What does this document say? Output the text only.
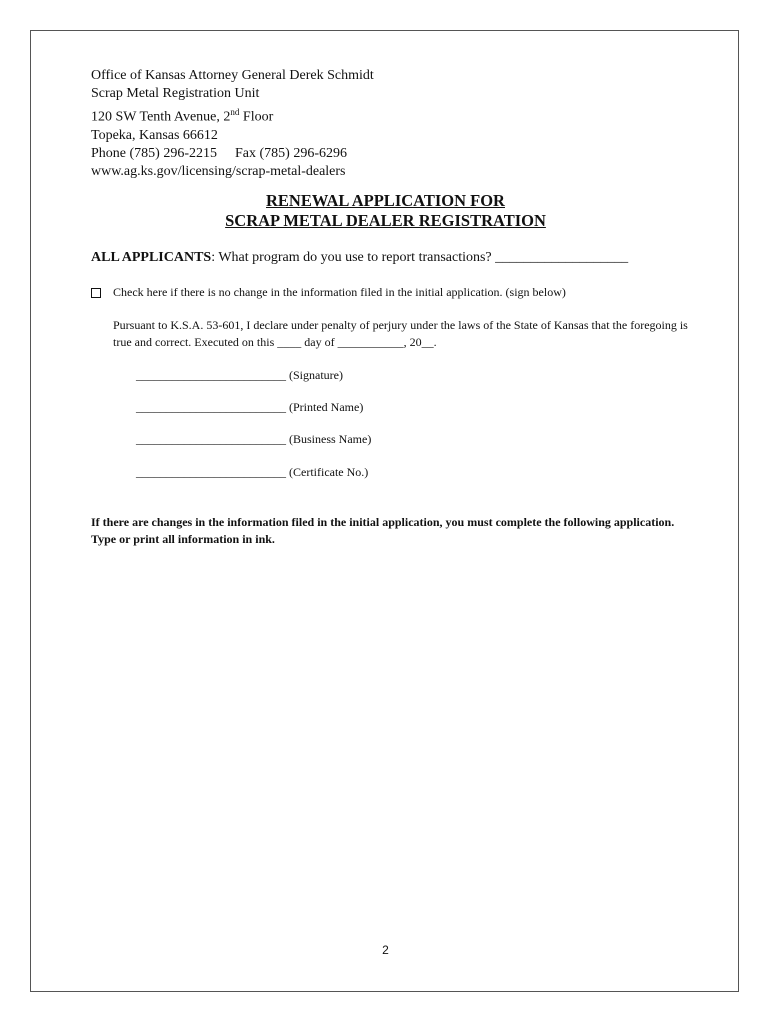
Office of Kansas Attorney General Derek Schmidt
Scrap Metal Registration Unit
120 SW Tenth Avenue, 2nd Floor
Topeka, Kansas 66612
Phone (785) 296-2215 Fax (785) 296-6296
www.ag.ks.gov/licensing/scrap-metal-dealers
RENEWAL APPLICATION FOR
SCRAP METAL DEALER REGISTRATION
ALL APPLICANTS: What program do you use to report transactions? ___________________
Check here if there is no change in the information filed in the initial application. (sign below)
Pursuant to K.S.A. 53-601, I declare under penalty of perjury under the laws of the State of Kansas that the foregoing is true and correct. Executed on this ____ day of ___________, 20__.
_________________________ (Signature)
_________________________ (Printed Name)
_________________________ (Business Name)
_________________________ (Certificate No.)
If there are changes in the information filed in the initial application, you must complete the following application. Type or print all information in ink.
2
